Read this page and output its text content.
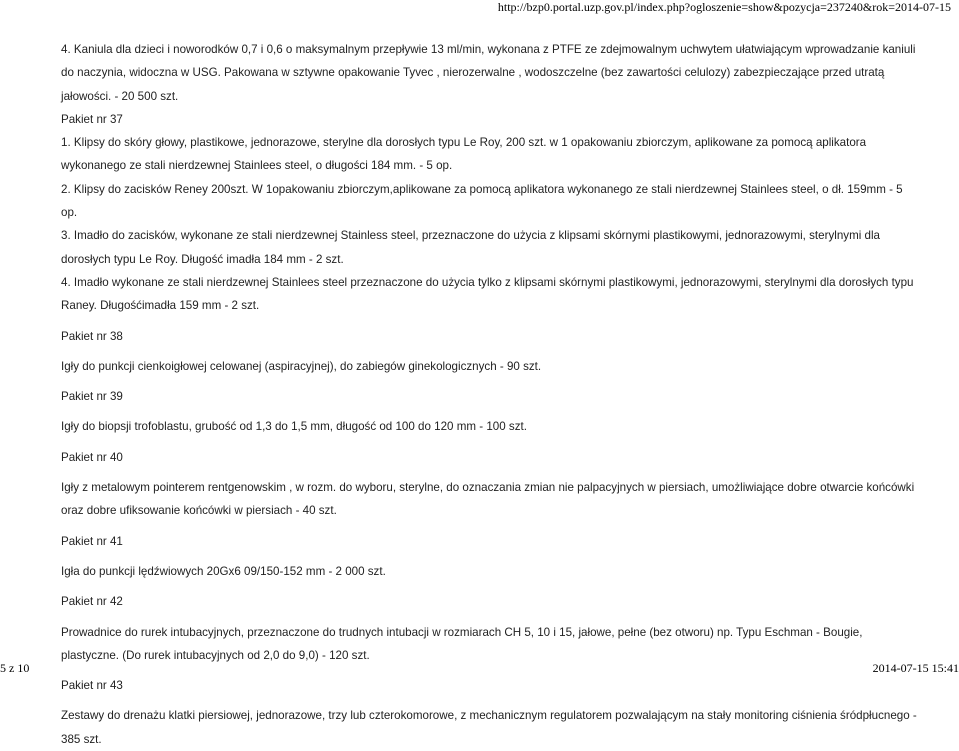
http://bzp0.portal.uzp.gov.pl/index.php?ogloszenie=show&pozycja=237240&rok=2014-07-15

4. Kaniula dla dzieci i noworodków 0,7 i 0,6 o maksymalnym przepływie 13 ml/min, wykonana z PTFE ze zdejmowalnym uchwytem ułatwiającym wprowadzanie kaniuli do naczynia, widoczna w USG. Pakowana w sztywne opakowanie Tyvec , nierozerwalne , wodoszczelne (bez zawartości celulozy) zabezpieczające przed utratą jałowości. - 20 500 szt.

Pakiet nr 37

1. Klipsy do skóry głowy, plastikowe, jednorazowe, sterylne dla dorosłych typu Le Roy, 200 szt. w 1 opakowaniu zbiorczym, aplikowane za pomocą aplikatora wykonanego ze stali nierdzewnej Stainlees steel, o długości 184 mm. - 5 op.

2. Klipsy do zacisków Reney 200szt. W 1opakowaniu zbiorczym,aplikowane za pomocą aplikatora wykonanego ze stali nierdzewnej Stainlees steel, o dł. 159mm - 5 op.

3. Imadło do zacisków, wykonane ze stali nierdzewnej Stainless steel, przeznaczone do użycia z klipsami skórnymi plastikowymi, jednorazowymi, sterylnymi dla dorosłych typu Le Roy. Długość imadła 184 mm - 2 szt.

4. Imadło wykonane ze stali nierdzewnej Stainlees steel przeznaczone do użycia tylko z klipsami skórnymi plastikowymi, jednorazowymi, sterylnymi dla dorosłych typu Raney. Długośćimadła 159 mm - 2 szt.

Pakiet nr 38

Igły do punkcji cienkoigłowej celowanej (aspiracyjnej), do zabiegów ginekologicznych - 90 szt.

Pakiet nr 39

Igły do biopsji trofoblastu, grubość od 1,3 do 1,5 mm, długość od 100 do 120 mm - 100 szt.

Pakiet nr 40

Igły z metalowym pointerem rentgenowskim , w rozm. do wyboru, sterylne, do oznaczania zmian nie palpacyjnych w piersiach, umożliwiające dobre otwarcie końcówki oraz dobre ufiksowanie końcówki w piersiach - 40 szt.

Pakiet nr 41

Igła do punkcji lędźwiowych 20Gx6 09/150-152 mm - 2 000 szt.

Pakiet nr 42

Prowadnice do rurek intubacyjnych, przeznaczone do trudnych intubacji w rozmiarach CH 5, 10 i 15, jałowe, pełne (bez otworu) np. Typu Eschman - Bougie, plastyczne. (Do rurek intubacyjnych od 2,0 do 9,0) - 120 szt.

Pakiet nr 43

Zestawy do drenażu klatki piersiowej, jednorazowe, trzy lub czterokomorowe, z mechanicznym regulatorem pozwalającym na stały monitoring ciśnienia śródpłucnego - 385 szt.

5 z 10	2014-07-15 15:41
